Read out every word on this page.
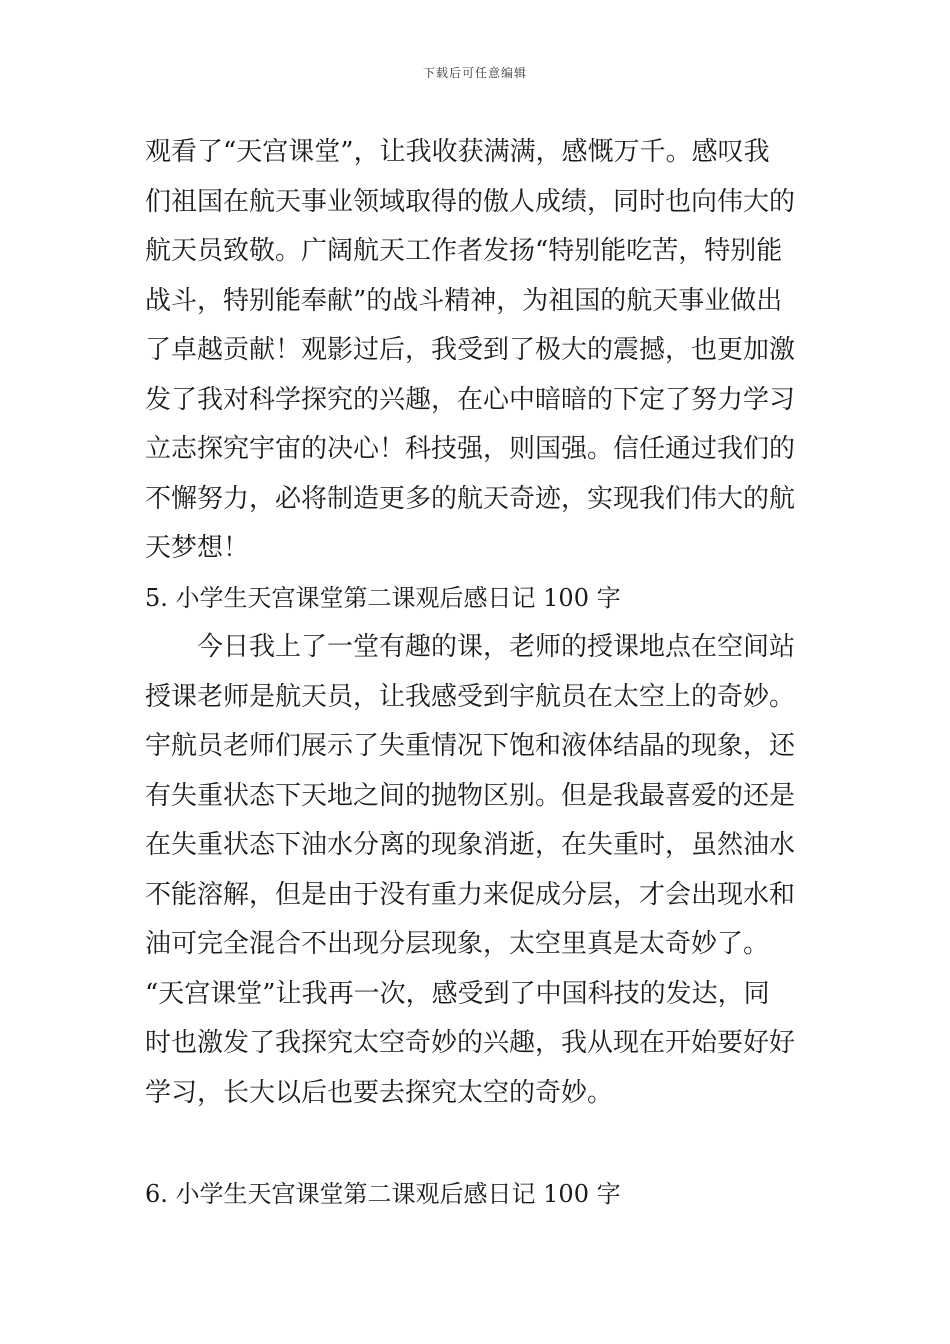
下载后可任意编辑
观看了“天宫课堂”，让我收获满满，感慨万千。感叹我
们祖国在航天事业领域取得的傲人成绩，同时也向伟大的
航天员致敬。广阔航天工作者发扬“特别能吃苦，特别能
战斗，特别能奉献”的战斗精神，为祖国的航天事业做出
了卓越贡献！观影过后，我受到了极大的震撼，也更加激
发了我对科学探究的兴趣，在心中暗暗的下定了努力学习
立志探究宇宙的决心！科技强，则国强。信任通过我们的
不懈努力，必将制造更多的航天奇迹，实现我们伟大的航
天梦想！
5. 小学生天宫课堂第二课观后感日记 100 字
今日我上了一堂有趣的课，老师的授课地点在空间站
授课老师是航天员，让我感受到宇航员在太空上的奇妙。
宇航员老师们展示了失重情况下饱和液体结晶的现象，还
有失重状态下天地之间的抛物区别。但是我最喜爱的还是
在失重状态下油水分离的现象消逝，在失重时，虽然油水
不能溶解，但是由于没有重力来促成分层，才会出现水和
油可完全混合不出现分层现象，太空里真是太奇妙了。
“天宫课堂”让我再一次，感受到了中国科技的发达，同
时也激发了我探究太空奇妙的兴趣，我从现在开始要好好
学习，长大以后也要去探究太空的奇妙。
6. 小学生天宫课堂第二课观后感日记 100 字
